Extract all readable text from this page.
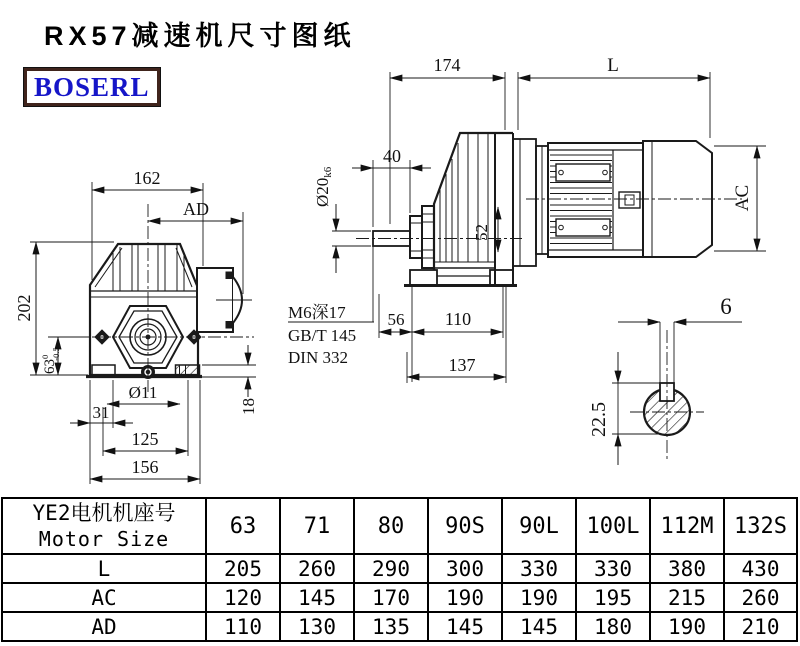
RX57减速机尺寸图纸
BOSERL
162
AD
202
$63^0-0.5$
Ø11
31
125
156
18
174	L
40
Ø20k6
52
M6深17
GB/T 145
DIN 332
56 110
137
AC
6
22.5
YE2电机机座号
Motor Size	63	71	80	90S	90L	100L	112M	132S
L	205	260	290	300	330	330	380	430
AC	120	145	170	190	190	195	215	260
AD	110	130	135	145	145	180	190	210
